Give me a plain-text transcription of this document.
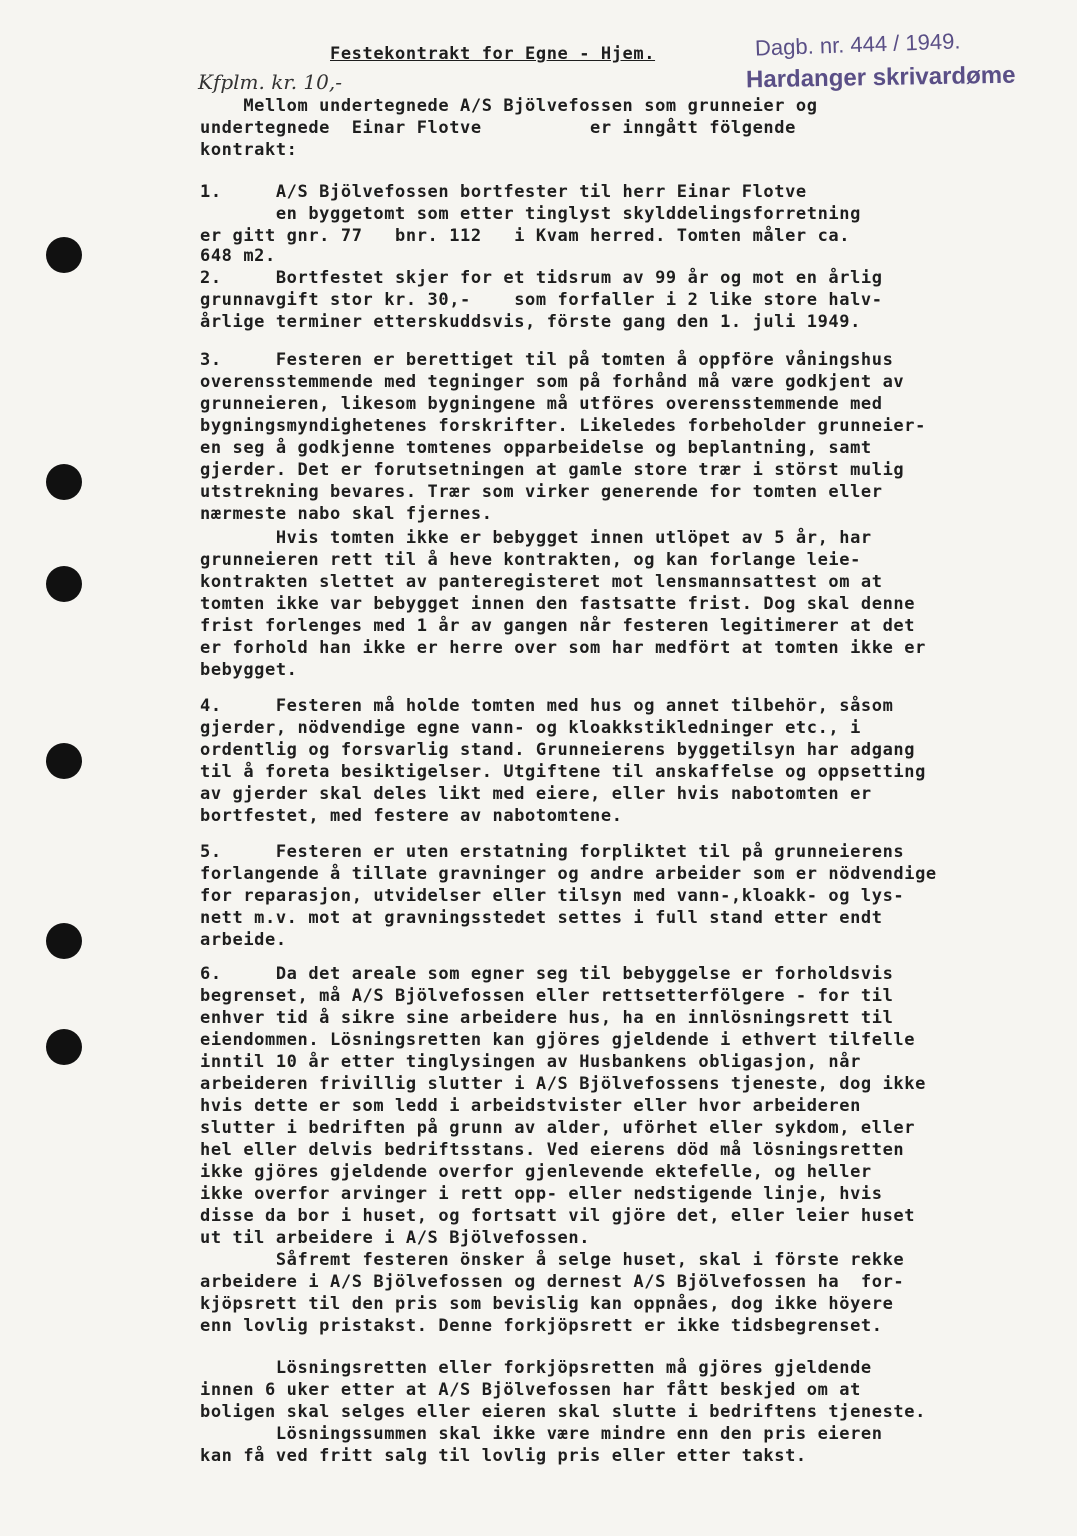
Festekontrakt for Egne - Hjem.	Dagb. nr. 444 / 1949.
Hardanger skrivardøme
Kfplm. kr. 10,-
Mellom undertegnede A/S Bjölvefossen som grunneier og
undertegnede  Einar Flotve          er inngått fölgende
kontrakt:
1.     A/S Bjölvefossen bortfester til herr Einar Flotve
en byggetomt som etter tinglyst skylddelingsforretning
er gitt gnr. 77   bnr. 112   i Kvam herred. Tomten måler ca.
648 m2.
2.     Bortfestet skjer for et tidsrum av 99 år og mot en årlig
grunnavgift stor kr. 30,-    som forfaller i 2 like store halv-
årlige terminer etterskuddsvis, förste gang den 1. juli 1949.
3.     Festeren er berettiget til på tomten å oppföre våningshus
overensstemmende med tegninger som på forhånd må være godkjent av
grunneieren, likesom bygningene må utföres overensstemmende med
bygningsmyndighetenes forskrifter. Likeledes forbeholder grunneier-
en seg å godkjenne tomtenes opparbeidelse og beplantning, samt
gjerder. Det er forutsetningen at gamle store trær i störst mulig
utstrekning bevares. Trær som virker generende for tomten eller
nærmeste nabo skal fjernes.
Hvis tomten ikke er bebygget innen utlöpet av 5 år, har
grunneieren rett til å heve kontrakten, og kan forlange leie-
kontrakten slettet av panteregisteret mot lensmannsattest om at
tomten ikke var bebygget innen den fastsatte frist. Dog skal denne
frist forlenges med 1 år av gangen når festeren legitimerer at det
er forhold han ikke er herre over som har medfört at tomten ikke er
bebygget.
4.     Festeren må holde tomten med hus og annet tilbehör, såsom
gjerder, nödvendige egne vann- og kloakkstikledninger etc., i
ordentlig og forsvarlig stand. Grunneierens byggetilsyn har adgang
til å foreta besiktigelser. Utgiftene til anskaffelse og oppsetting
av gjerder skal deles likt med eiere, eller hvis nabotomten er
bortfestet, med festere av nabotomtene.
5.     Festeren er uten erstatning forpliktet til på grunneierens
forlangende å tillate gravninger og andre arbeider som er nödvendige
for reparasjon, utvidelser eller tilsyn med vann-,kloakk- og lys-
nett m.v. mot at gravningsstedet settes i full stand etter endt
arbeide.
6.     Da det areale som egner seg til bebyggelse er forholdsvis
begrenset, må A/S Bjölvefossen eller rettsetterfölgere - for til
enhver tid å sikre sine arbeidere hus, ha en innlösningsrett til
eiendommen. Lösningsretten kan gjöres gjeldende i ethvert tilfelle
inntil 10 år etter tinglysingen av Husbankens obligasjon, når
arbeideren frivillig slutter i A/S Bjölvefossens tjeneste, dog ikke
hvis dette er som ledd i arbeidstvister eller hvor arbeideren
slutter i bedriften på grunn av alder, uförhet eller sykdom, eller
hel eller delvis bedriftsstans. Ved eierens död må lösningsretten
ikke gjöres gjeldende overfor gjenlevende ektefelle, og heller
ikke overfor arvinger i rett opp- eller nedstigende linje, hvis
disse da bor i huset, og fortsatt vil gjöre det, eller leier huset
ut til arbeidere i A/S Bjölvefossen.
Såfremt festeren önsker å selge huset, skal i förste rekke
arbeidere i A/S Bjölvefossen og dernest A/S Bjölvefossen ha  for-
kjöpsrett til den pris som bevislig kan oppnåes, dog ikke höyere
enn lovlig pristakst. Denne forkjöpsrett er ikke tidsbegrenset.
Lösningsretten eller forkjöpsretten må gjöres gjeldende
innen 6 uker etter at A/S Bjölvefossen har fått beskjed om at
boligen skal selges eller eieren skal slutte i bedriftens tjeneste.
Lösningssummen skal ikke være mindre enn den pris eieren
kan få ved fritt salg til lovlig pris eller etter takst.
